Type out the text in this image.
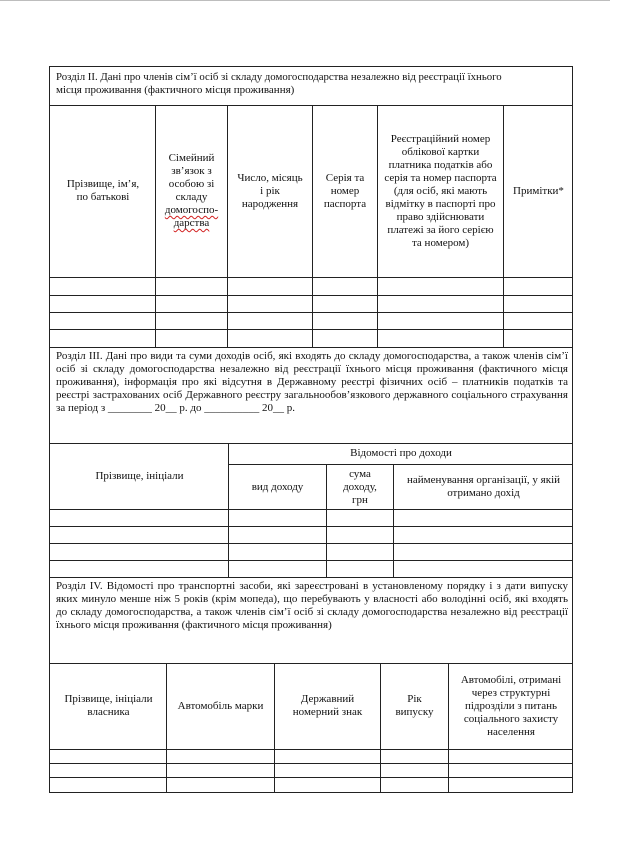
Розділ ІІ. Дані про членів сім’ї осіб зі складу домогосподарства незалежно від реєстрації їхнього
місця проживання (фактичного місця проживання)
Прізвище, ім’я, по батькові
Сімейний зв’язок з особою зі складу домогоспо-дарства
Число, місяць і рік народження
Серія та номер паспорта
Реєстраційний номер облікової картки платника податків або серія та номер паспорта (для осіб, які мають відмітку в паспорті про право здійснювати платежі за його серією та номером)
Примітки*
Розділ ІІІ. Дані про види та суми доходів осіб, які входять до складу домогосподарства, а також членів сім’ї осіб зі складу домогосподарства незалежно від реєстрації їхнього місця проживання (фактичного місця проживання), інформація про які відсутня в Державному реєстрі фізичних осіб – платників податків та реєстрі застрахованих осіб Державного реєстру загальнообов’язкового державного соціального страхування за період з ________ 20__ р. до __________ 20__ р.
Прізвище, ініціали
Відомості про доходи
вид доходу
сума доходу, грн
найменування організації, у якій отримано дохід
Розділ ІV. Відомості про транспортні засоби, які зареєстровані в установленому порядку і з дати випуску яких минуло менше ніж 5 років (крім мопеда), що перебувають у власності або володінні осіб, які входять до складу домогосподарства, а також членів сім’ї осіб зі складу домогосподарства незалежно від реєстрації їхнього місця проживання (фактичного місця проживання)
Прізвище, ініціали власника
Автомобіль марки
Державний номерний знак
Рік випуску
Автомобілі, отримані через структурні підрозділи з питань соціального захисту населення
